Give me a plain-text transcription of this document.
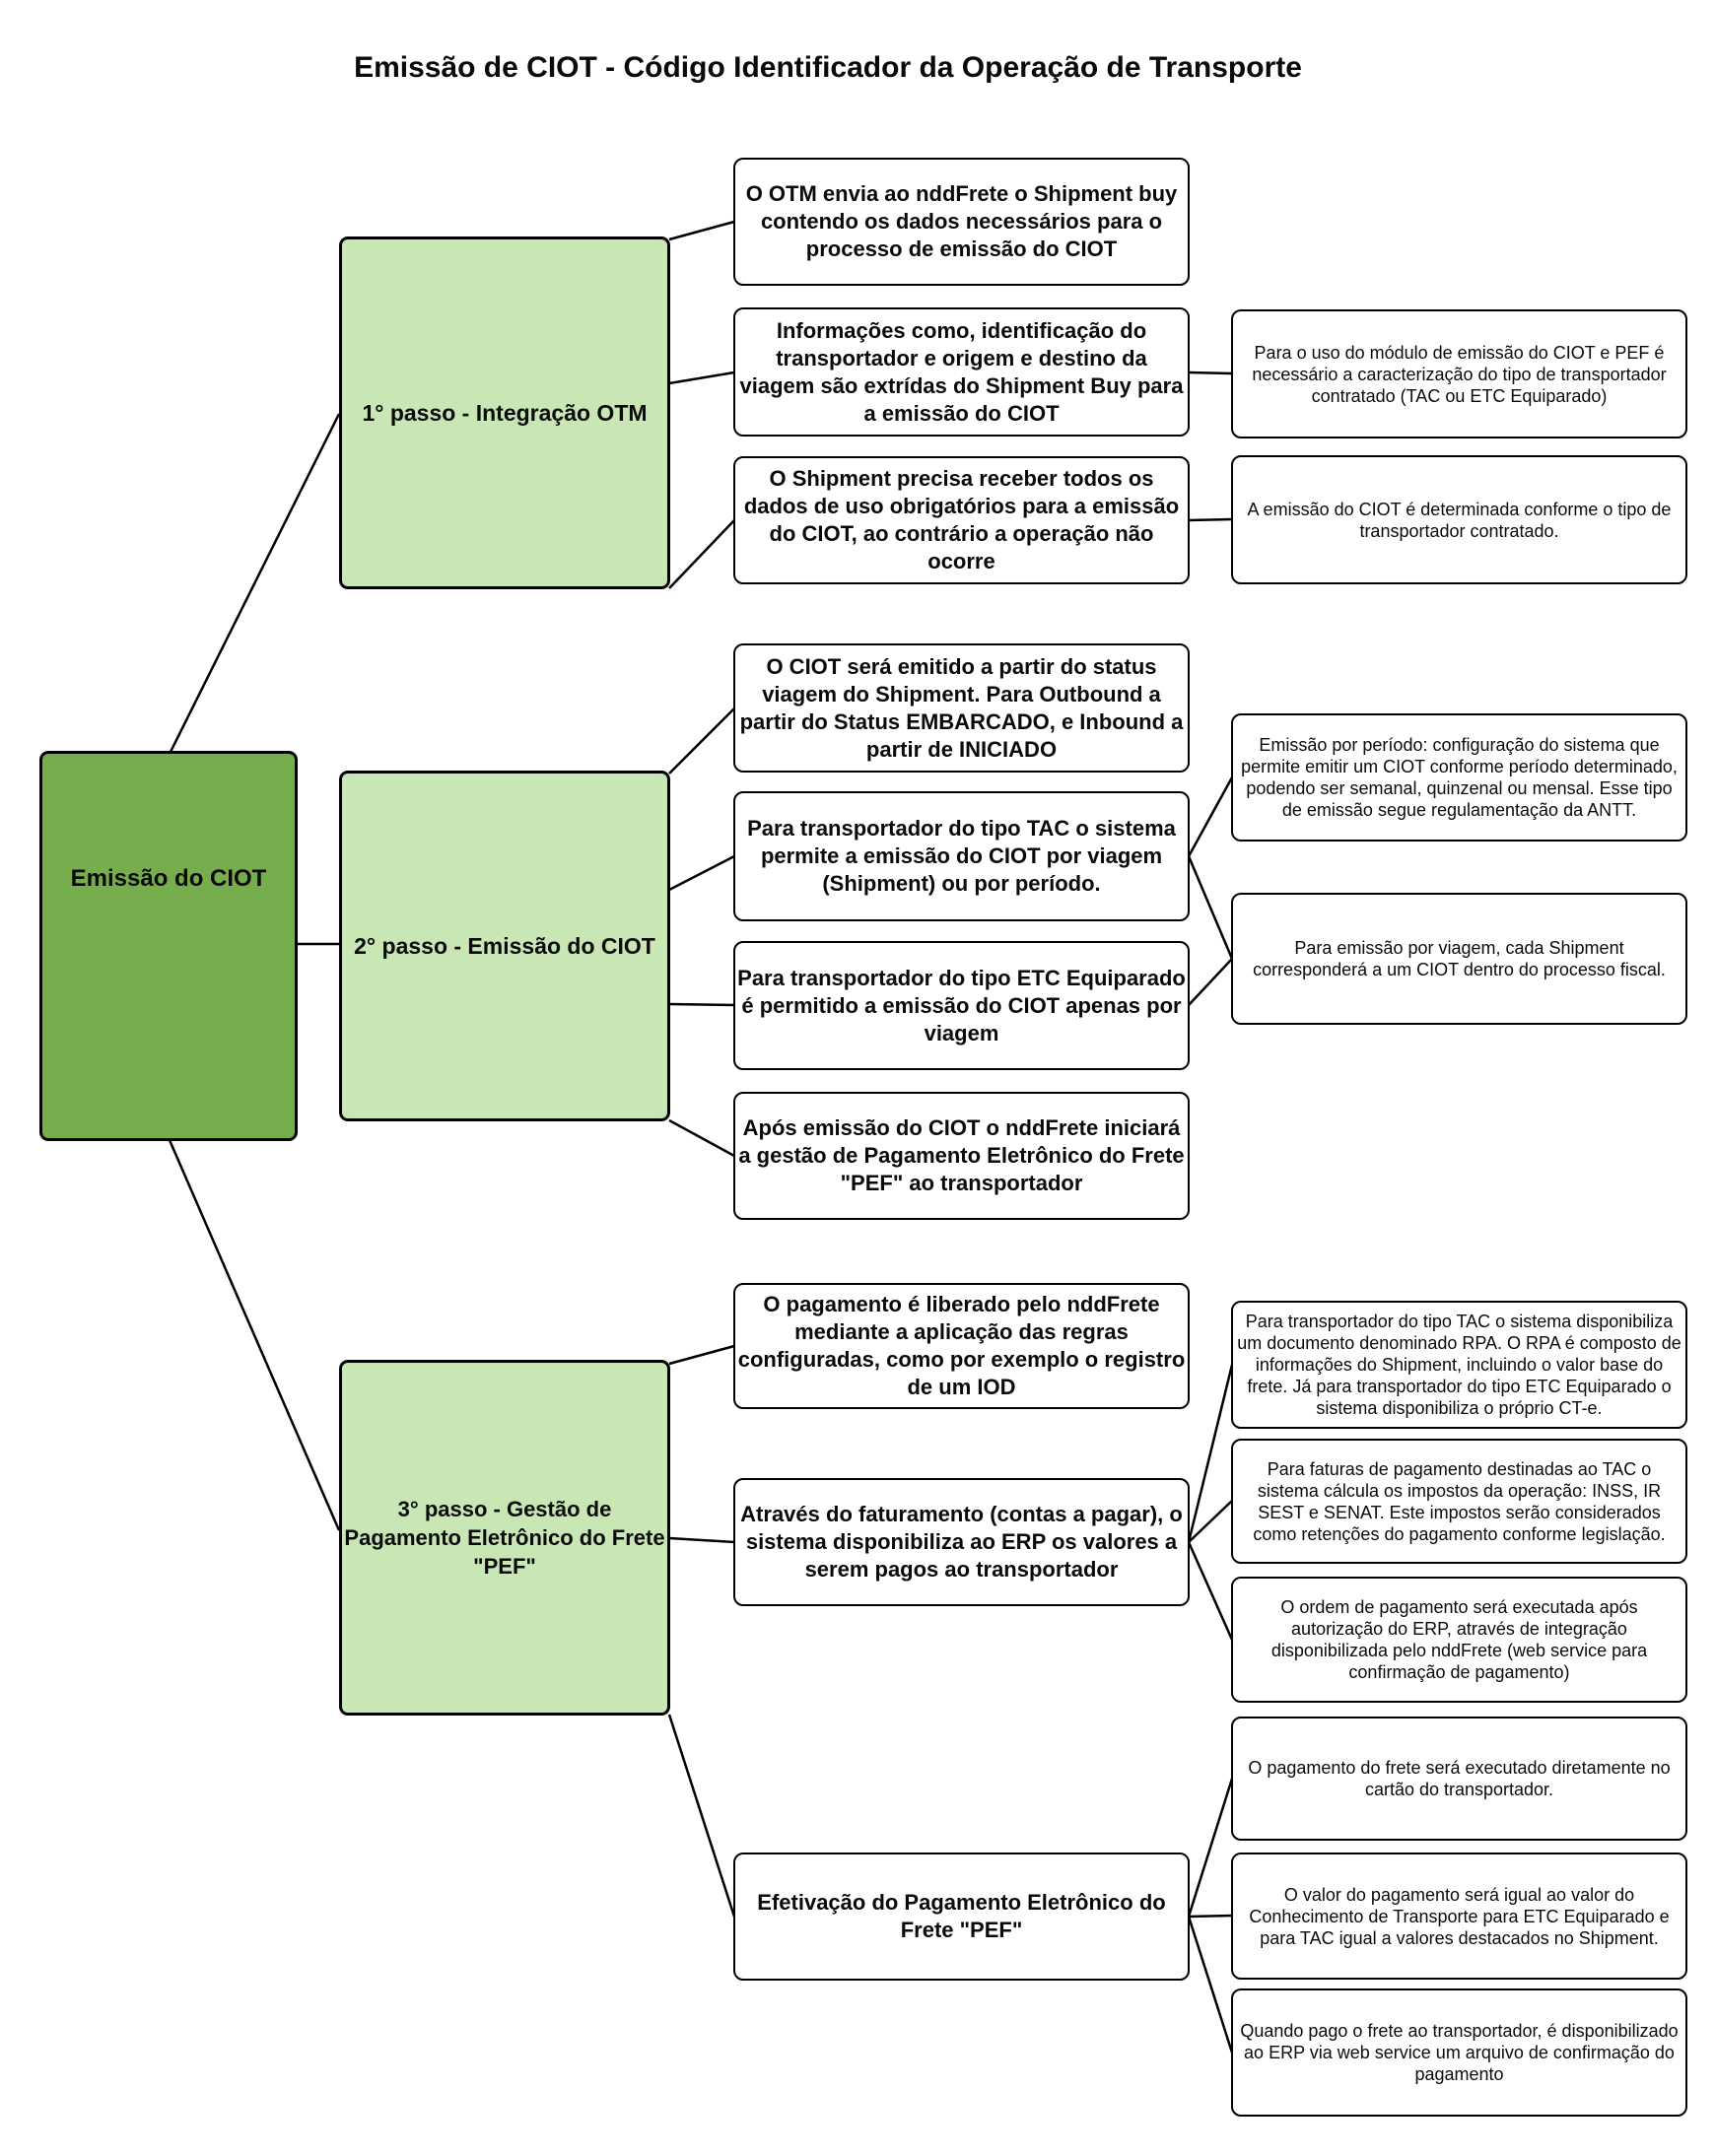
Emissão de CIOT - Código Identificador da Operação de Transporte
Emissão do CIOT
1° passo - Integração OTM
2° passo - Emissão do CIOT
3° passo - Gestão de Pagamento Eletrônico do Frete "PEF"
O OTM envia ao nddFrete o Shipment buy contendo os dados necessários para o processo de emissão do CIOT
Informações como, identificação do transportador e origem e destino da viagem são extrídas do Shipment Buy para a emissão do CIOT
O Shipment precisa receber todos os dados de uso obrigatórios para a emissão do CIOT, ao contrário a operação não ocorre
Para o uso do módulo de emissão do CIOT e PEF é necessário a caracterização do tipo de transportador contratado (TAC ou ETC Equiparado)
A emissão do CIOT é determinada conforme o tipo de transportador contratado.
O CIOT será emitido a partir do status viagem do Shipment. Para Outbound a partir do Status EMBARCADO, e Inbound a partir de INICIADO
Para transportador do tipo TAC o sistema permite a emissão do CIOT por viagem (Shipment) ou por período.
Para transportador do tipo ETC Equiparado é permitido a emissão do CIOT apenas por viagem
Após emissão do CIOT o nddFrete iniciará a gestão de Pagamento Eletrônico do Frete "PEF" ao transportador
Emissão por período: configuração do sistema que permite emitir um CIOT conforme período determinado, podendo ser semanal, quinzenal ou mensal. Esse tipo de emissão segue regulamentação da ANTT.
Para emissão por viagem, cada Shipment corresponderá a um CIOT dentro do processo fiscal.
O pagamento é liberado pelo nddFrete mediante a aplicação das regras configuradas, como por exemplo o registro de um IOD
Através do faturamento (contas a pagar), o sistema disponibiliza ao ERP os valores a serem pagos ao transportador
Efetivação do Pagamento Eletrônico do Frete "PEF"
Para transportador do tipo TAC o sistema disponibiliza um documento denominado RPA. O RPA é composto de informações do Shipment, incluindo o valor base do frete. Já para transportador do tipo ETC Equiparado o sistema disponibiliza o próprio CT-e.
Para faturas de pagamento destinadas ao TAC o sistema cálcula os impostos da operação: INSS, IR SEST e SENAT. Este impostos serão considerados como retenções do pagamento conforme legislação.
O ordem de pagamento será executada após autorização do ERP, através de integração disponibilizada pelo nddFrete (web service para confirmação de pagamento)
O pagamento do frete será executado diretamente no cartão do transportador.
O valor do pagamento será igual ao valor do Conhecimento de Transporte para ETC Equiparado e para TAC igual a valores destacados no Shipment.
Quando pago o frete ao transportador, é disponibilizado ao ERP via web service um arquivo de confirmação do pagamento
